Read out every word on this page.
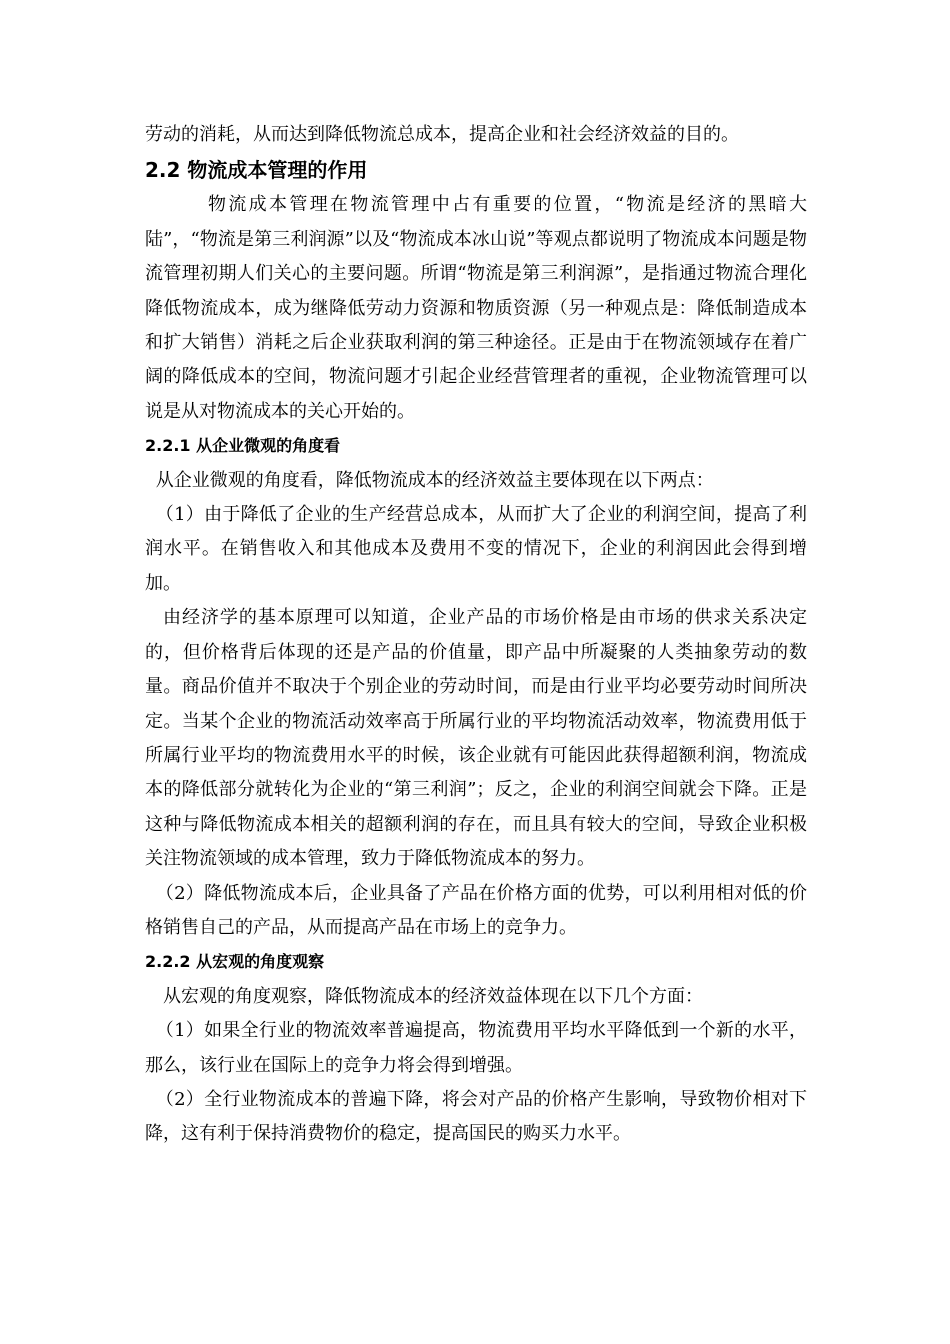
劳动的消耗，从而达到降低物流总成本，提高企业和社会经济效益的目的。

2.2 物流成本管理的作用

物流成本管理在物流管理中占有重要的位置，“物流是经济的黑暗大陆”，“物流是第三利润源”以及“物流成本冰山说”等观点都说明了物流成本问题是物流管理初期人们关心的主要问题。所谓“物流是第三利润源”，是指通过物流合理化降低物流成本，成为继降低劳动力资源和物质资源（另一种观点是：降低制造成本和扩大销售）消耗之后企业获取利润的第三种途径。正是由于在物流领域存在着广阔的降低成本的空间，物流问题才引起企业经营管理者的重视，企业物流管理可以说是从对物流成本的关心开始的。

2.2.1 从企业微观的角度看

从企业微观的角度看，降低物流成本的经济效益主要体现在以下两点：

（1）由于降低了企业的生产经营总成本，从而扩大了企业的利润空间，提高了利润水平。在销售收入和其他成本及费用不变的情况下，企业的利润因此会得到增加。

由经济学的基本原理可以知道，企业产品的市场价格是由市场的供求关系决定的，但价格背后体现的还是产品的价值量，即产品中所凝聚的人类抽象劳动的数量。商品价值并不取决于个别企业的劳动时间，而是由行业平均必要劳动时间所决定。当某个企业的物流活动效率高于所属行业的平均物流活动效率，物流费用低于所属行业平均的物流费用水平的时候，该企业就有可能因此获得超额利润，物流成本的降低部分就转化为企业的“第三利润”；反之，企业的利润空间就会下降。正是这种与降低物流成本相关的超额利润的存在，而且具有较大的空间，导致企业积极关注物流领域的成本管理，致力于降低物流成本的努力。

（2）降低物流成本后，企业具备了产品在价格方面的优势，可以利用相对低的价格销售自己的产品，从而提高产品在市场上的竞争力。

2.2.2 从宏观的角度观察

从宏观的角度观察，降低物流成本的经济效益体现在以下几个方面：

（1）如果全行业的物流效率普遍提高，物流费用平均水平降低到一个新的水平，那么，该行业在国际上的竞争力将会得到增强。

（2）全行业物流成本的普遍下降，将会对产品的价格产生影响，导致物价相对下降，这有利于保持消费物价的稳定，提高国民的购买力水平。
